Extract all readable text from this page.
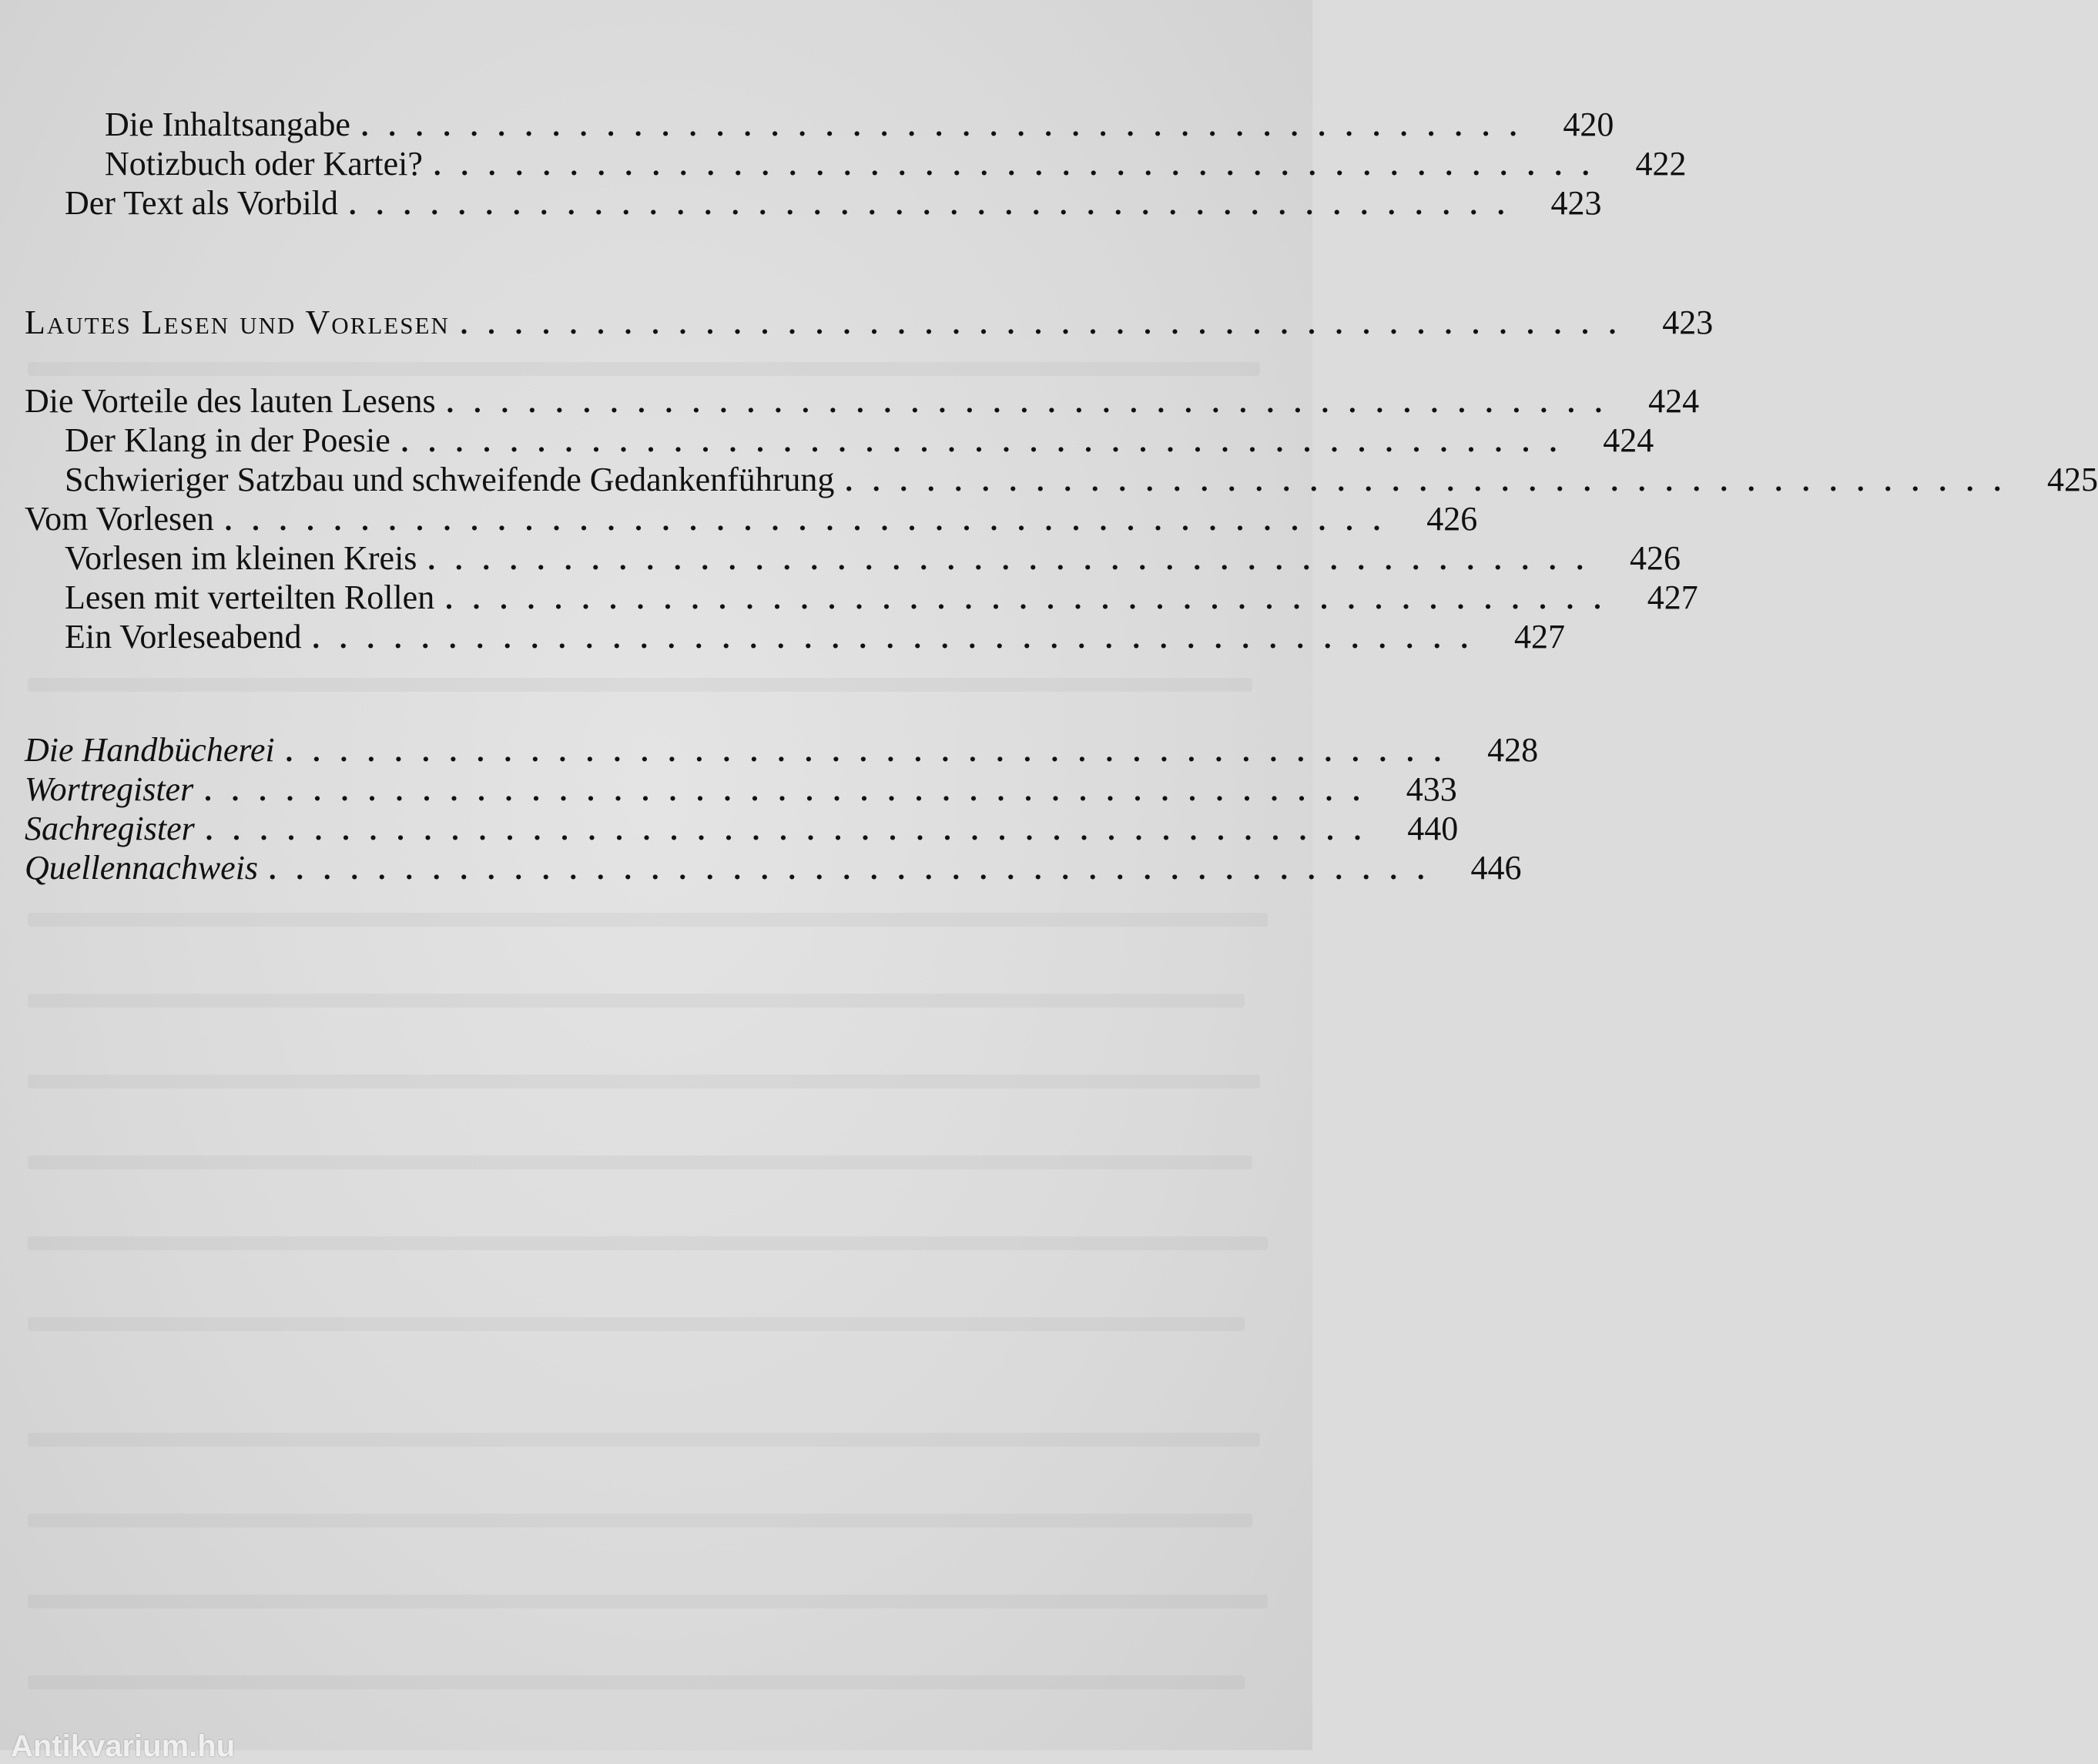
Die Inhaltsangabe ........................................... 420
Notizbuch oder Kartei? ........................................... 422
Der Text als Vorbild ........................................... 423
Lautes Lesen und Vorlesen ........................................... 423
Die Vorteile des lauten Lesens ........................................... 424
Der Klang in der Poesie ........................................... 424
Schwieriger Satzbau und schweifende Gedankenführung ........................................... 425
Vom Vorlesen ........................................... 426
Vorlesen im kleinen Kreis ........................................... 426
Lesen mit verteilten Rollen ........................................... 427
Ein Vorleseabend ........................................... 427
Die Handbücherei ........................................... 428
Wortregister ........................................... 433
Sachregister ........................................... 440
Quellennachweis ........................................... 446
Antikvarium.hu
